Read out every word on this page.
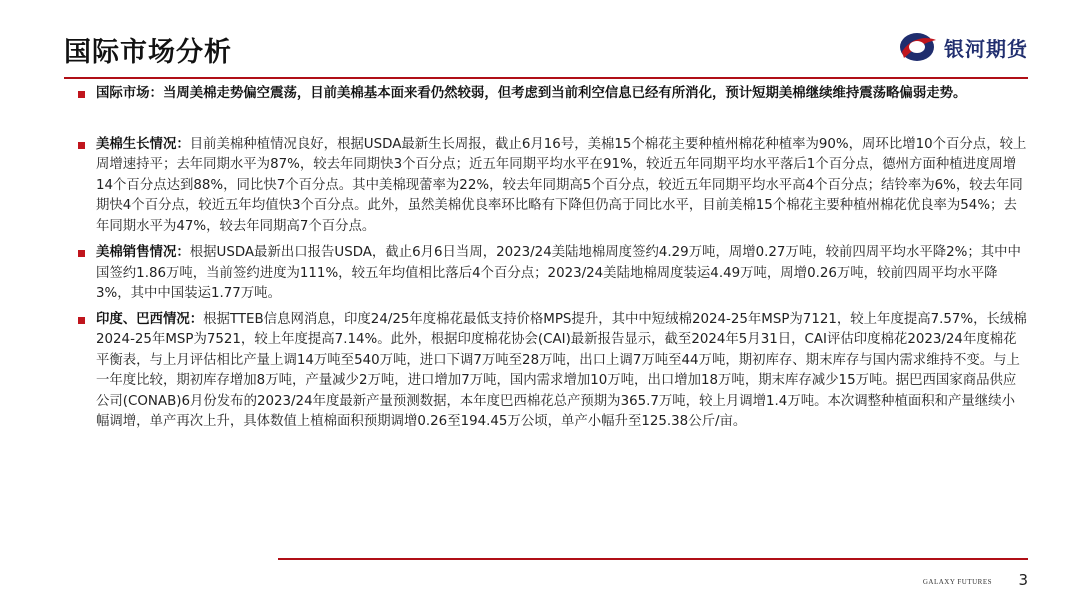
国际市场分析	银河期货
国际市场：当周美棉走势偏空震荡，目前美棉基本面来看仍然较弱，但考虑到当前利空信息已经有所消化，预计短期美棉继续维持震荡略偏弱走势。
美棉生长情况：目前美棉种植情况良好，根据USDA最新生长周报，截止6月16号，美棉15个棉花主要种植州棉花种植率为90%，周环比增10个百分点，较上周增速持平；去年同期水平为87%，较去年同期快3个百分点；近五年同期平均水平在91%，较近五年同期平均水平落后1个百分点，德州方面种植进度周增14个百分点达到88%，同比快7个百分点。其中美棉现蕾率为22%，较去年同期高5个百分点，较近五年同期平均水平高4个百分点；结铃率为6%，较去年同期快4个百分点，较近五年均值快3个百分点。此外，虽然美棉优良率环比略有下降但仍高于同比水平，目前美棉15个棉花主要种植州棉花优良率为54%；去年同期水平为47%，较去年同期高7个百分点。
美棉销售情况：根据USDA最新出口报告USDA，截止6月6日当周，2023/24美陆地棉周度签约4.29万吨，周增0.27万吨，较前四周平均水平降2%；其中中国签约1.86万吨，当前签约进度为111%，较五年均值相比落后4个百分点；2023/24美陆地棉周度装运4.49万吨，周增0.26万吨，较前四周平均水平降3%，其中中国装运1.77万吨。
印度、巴西情况：根据TTEB信息网消息，印度24/25年度棉花最低支持价格MPS提升，其中中短绒棉2024-25年MSP为7121，较上年度提高7.57%，长绒棉2024-25年MSP为7521，较上年度提高7.14%。此外，根据印度棉花协会(CAI)最新报告显示，截至2024年5月31日，CAI评估印度棉花2023/24年度棉花平衡表，与上月评估相比产量上调14万吨至540万吨，进口下调7万吨至28万吨，出口上调7万吨至44万吨，期初库存、期末库存与国内需求维持不变。与上一年度比较，期初库存增加8万吨，产量减少2万吨，进口增加7万吨，国内需求增加10万吨，出口增加18万吨，期末库存减少15万吨。据巴西国家商品供应公司(CONAB)6月份发布的2023/24年度最新产量预测数据，本年度巴西棉花总产预期为365.7万吨，较上月调增1.4万吨。本次调整种植面积和产量继续小幅调增，单产再次上升，具体数值上植棉面积预期调增0.26至194.45万公顷，单产小幅升至125.38公斤/亩。
GALAXY FUTURES 3
